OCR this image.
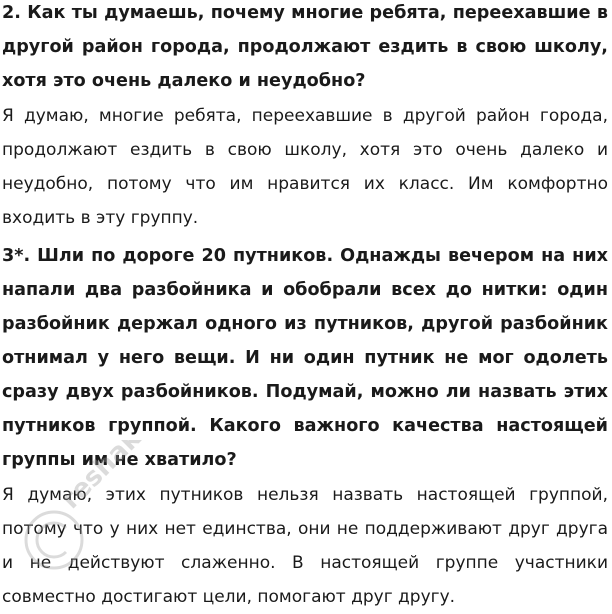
2. Как ты думаешь, почему многие ребята, переехавшие в другой район города, продолжают ездить в свою школу, хотя это очень далеко и неудобно?

Я думаю, многие ребята, переехавшие в другой район города, продолжают ездить в свою школу, хотя это очень далеко и неудобно, потому что им нравится их класс. Им комфортно входить в эту группу.

3*. Шли по дороге 20 путников. Однажды вечером на них напали два разбойника и обобрали всех до нитки: один разбойник держал одного из путников, другой разбойник отнимал у него вещи. И ни один путник не мог одолеть сразу двух разбойников. Подумай, можно ли назвать этих путников группой. Какого важного качества настоящей группы им не хватило?

Я думаю, этих путников нельзя назвать настоящей группой, потому что у них нет единства, они не поддерживают друг друга и не действуют слаженно. В настоящей группе участники совместно достигают цели, помогают друг другу.

reshak.ru
